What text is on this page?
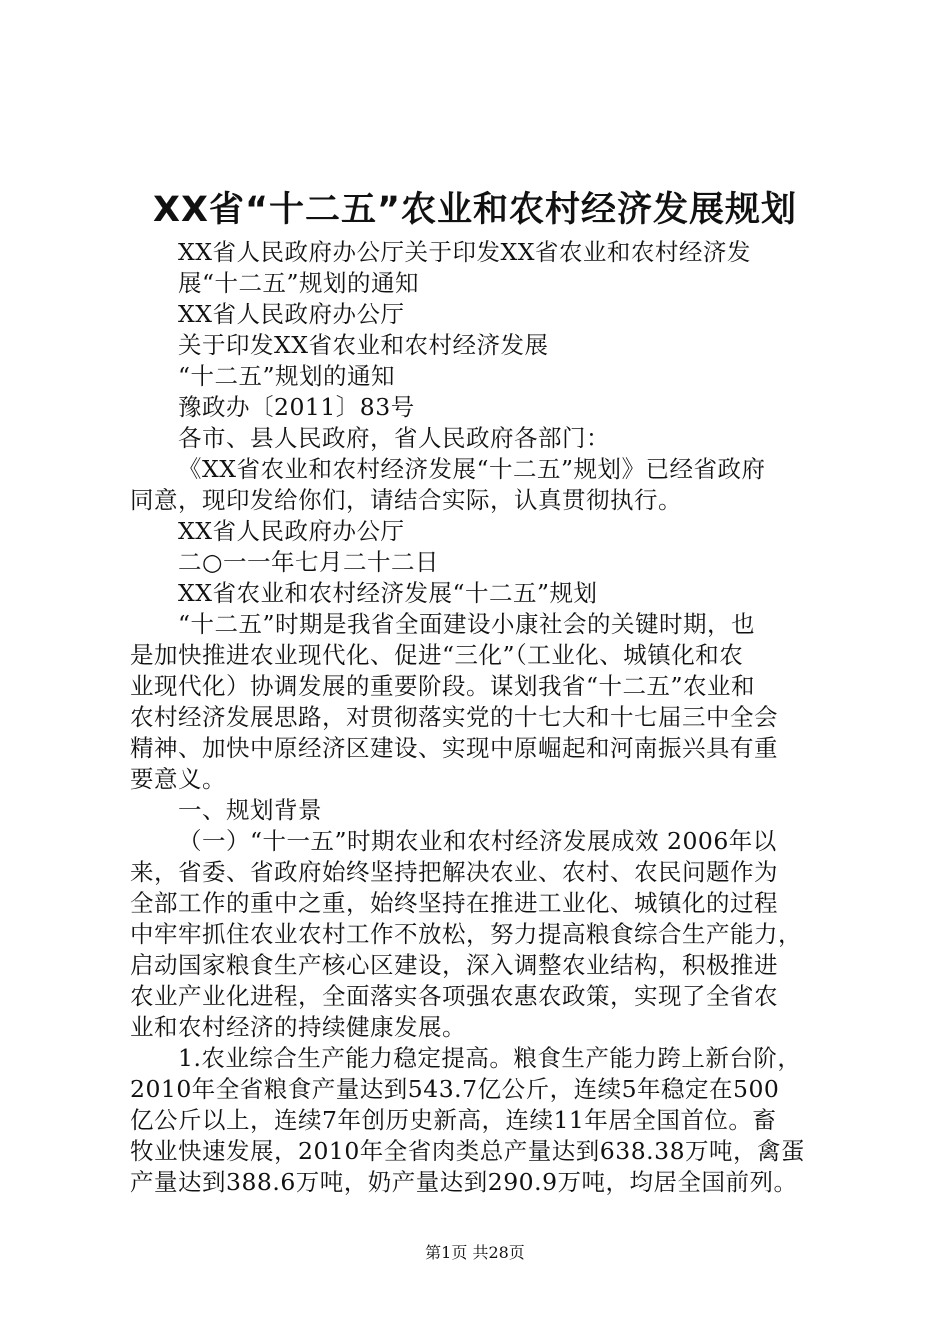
XX省“十二五”农业和农村经济发展规划
XX省人民政府办公厅关于印发XX省农业和农村经济发
展“十二五”规划的通知
XX省人民政府办公厅
关于印发XX省农业和农村经济发展
“十二五”规划的通知
豫政办〔2011〕83号
各市、县人民政府，省人民政府各部门：
《XX省农业和农村经济发展“十二五”规划》已经省政府
同意，现印发给你们，请结合实际，认真贯彻执行。
XX省人民政府办公厅
二○一一年七月二十二日
XX省农业和农村经济发展“十二五”规划
“十二五”时期是我省全面建设小康社会的关键时期，也
是加快推进农业现代化、促进“三化”（工业化、城镇化和农
业现代化）协调发展的重要阶段。谋划我省“十二五”农业和
农村经济发展思路，对贯彻落实党的十七大和十七届三中全会
精神、加快中原经济区建设、实现中原崛起和河南振兴具有重
要意义。
一、规划背景
（一）“十一五”时期农业和农村经济发展成效 2006年以
来，省委、省政府始终坚持把解决农业、农村、农民问题作为
全部工作的重中之重，始终坚持在推进工业化、城镇化的过程
中牢牢抓住农业农村工作不放松，努力提高粮食综合生产能力，
启动国家粮食生产核心区建设，深入调整农业结构，积极推进
农业产业化进程，全面落实各项强农惠农政策，实现了全省农
业和农村经济的持续健康发展。
1.农业综合生产能力稳定提高。粮食生产能力跨上新台阶，
2010年全省粮食产量达到543.7亿公斤，连续5年稳定在500
亿公斤以上，连续7年创历史新高，连续11年居全国首位。畜
牧业快速发展，2010年全省肉类总产量达到638.38万吨，禽蛋
产量达到388.6万吨，奶产量达到290.9万吨，均居全国前列。
第1页 共28页
